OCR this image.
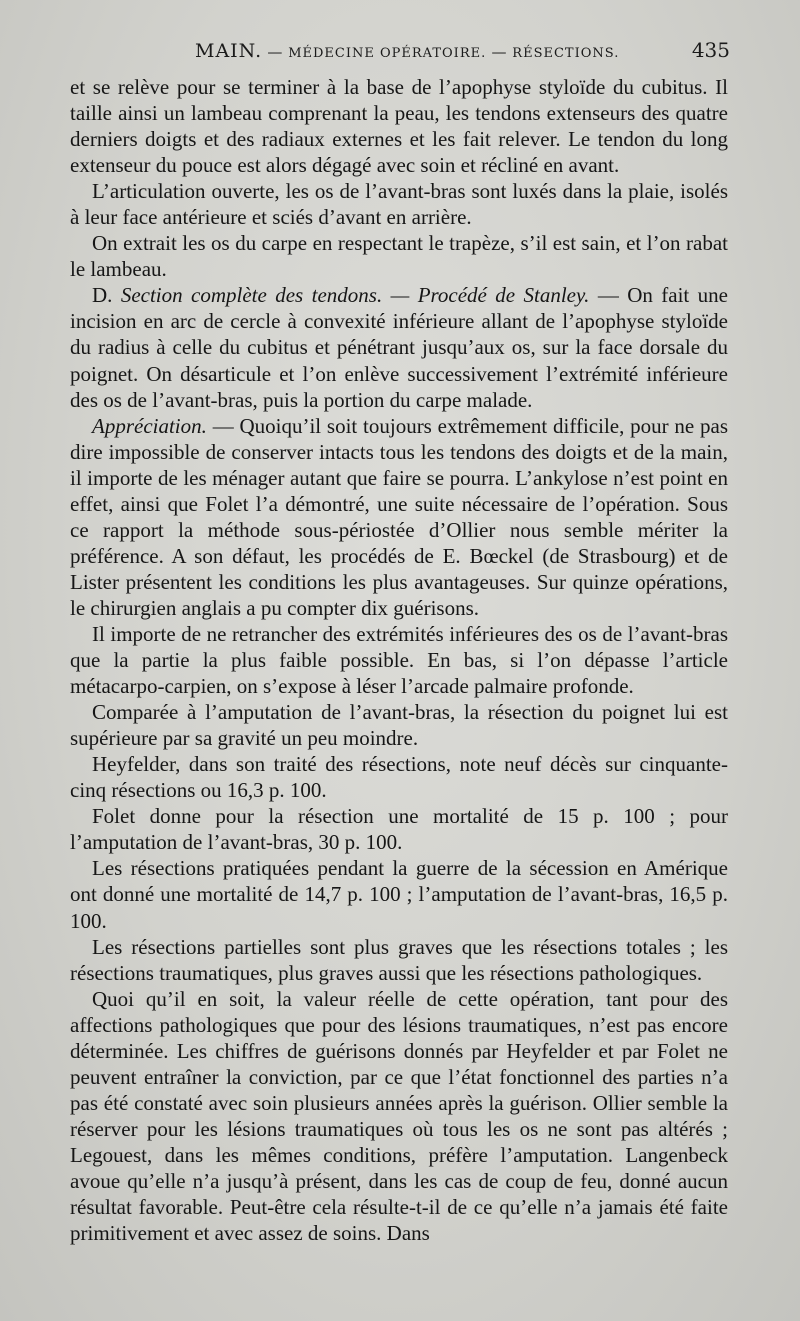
MAIN. — MÉDECINE OPÉRATOIRE. — RÉSECTIONS.	435

et se relève pour se terminer à la base de l’apophyse styloïde du cubitus. Il taille ainsi un lambeau comprenant la peau, les tendons extenseurs des quatre derniers doigts et des radiaux externes et les fait relever. Le tendon du long extenseur du pouce est alors dégagé avec soin et récliné en avant.

L’articulation ouverte, les os de l’avant-bras sont luxés dans la plaie, isolés à leur face antérieure et sciés d’avant en arrière.

On extrait les os du carpe en respectant le trapèze, s’il est sain, et l’on rabat le lambeau.

D. Section complète des tendons. — Procédé de Stanley. — On fait une incision en arc de cercle à convexité inférieure allant de l’apophyse styloïde du radius à celle du cubitus et pénétrant jusqu’aux os, sur la face dorsale du poignet. On désarticule et l’on enlève successivement l’extrémité inférieure des os de l’avant-bras, puis la portion du carpe malade.

Appréciation. — Quoiqu’il soit toujours extrêmement difficile, pour ne pas dire impossible de conserver intacts tous les tendons des doigts et de la main, il importe de les ménager autant que faire se pourra. L’ankylose n’est point en effet, ainsi que Folet l’a démontré, une suite nécessaire de l’opération. Sous ce rapport la méthode sous-périostée d’Ollier nous semble mériter la préférence. A son défaut, les procédés de E. Bœckel (de Strasbourg) et de Lister présentent les conditions les plus avantageuses. Sur quinze opérations, le chirurgien anglais a pu compter dix guérisons.

Il importe de ne retrancher des extrémités inférieures des os de l’avant-bras que la partie la plus faible possible. En bas, si l’on dépasse l’article métacarpo-carpien, on s’expose à léser l’arcade palmaire profonde.

Comparée à l’amputation de l’avant-bras, la résection du poignet lui est supérieure par sa gravité un peu moindre.

Heyfelder, dans son traité des résections, note neuf décès sur cinquante-cinq résections ou 16,3 p. 100.

Folet donne pour la résection une mortalité de 15 p. 100 ; pour l’amputation de l’avant-bras, 30 p. 100.

Les résections pratiquées pendant la guerre de la sécession en Amérique ont donné une mortalité de 14,7 p. 100 ; l’amputation de l’avant-bras, 16,5 p. 100.

Les résections partielles sont plus graves que les résections totales ; les résections traumatiques, plus graves aussi que les résections pathologiques.

Quoi qu’il en soit, la valeur réelle de cette opération, tant pour des affections pathologiques que pour des lésions traumatiques, n’est pas encore déterminée. Les chiffres de guérisons donnés par Heyfelder et par Folet ne peuvent entraîner la conviction, par ce que l’état fonctionnel des parties n’a pas été constaté avec soin plusieurs années après la guérison. Ollier semble la réserver pour les lésions traumatiques où tous les os ne sont pas altérés ; Legouest, dans les mêmes conditions, préfère l’amputation. Langenbeck avoue qu’elle n’a jusqu’à présent, dans les cas de coup de feu, donné aucun résultat favorable. Peut-être cela résulte-t-il de ce qu’elle n’a jamais été faite primitivement et avec assez de soins. Dans
